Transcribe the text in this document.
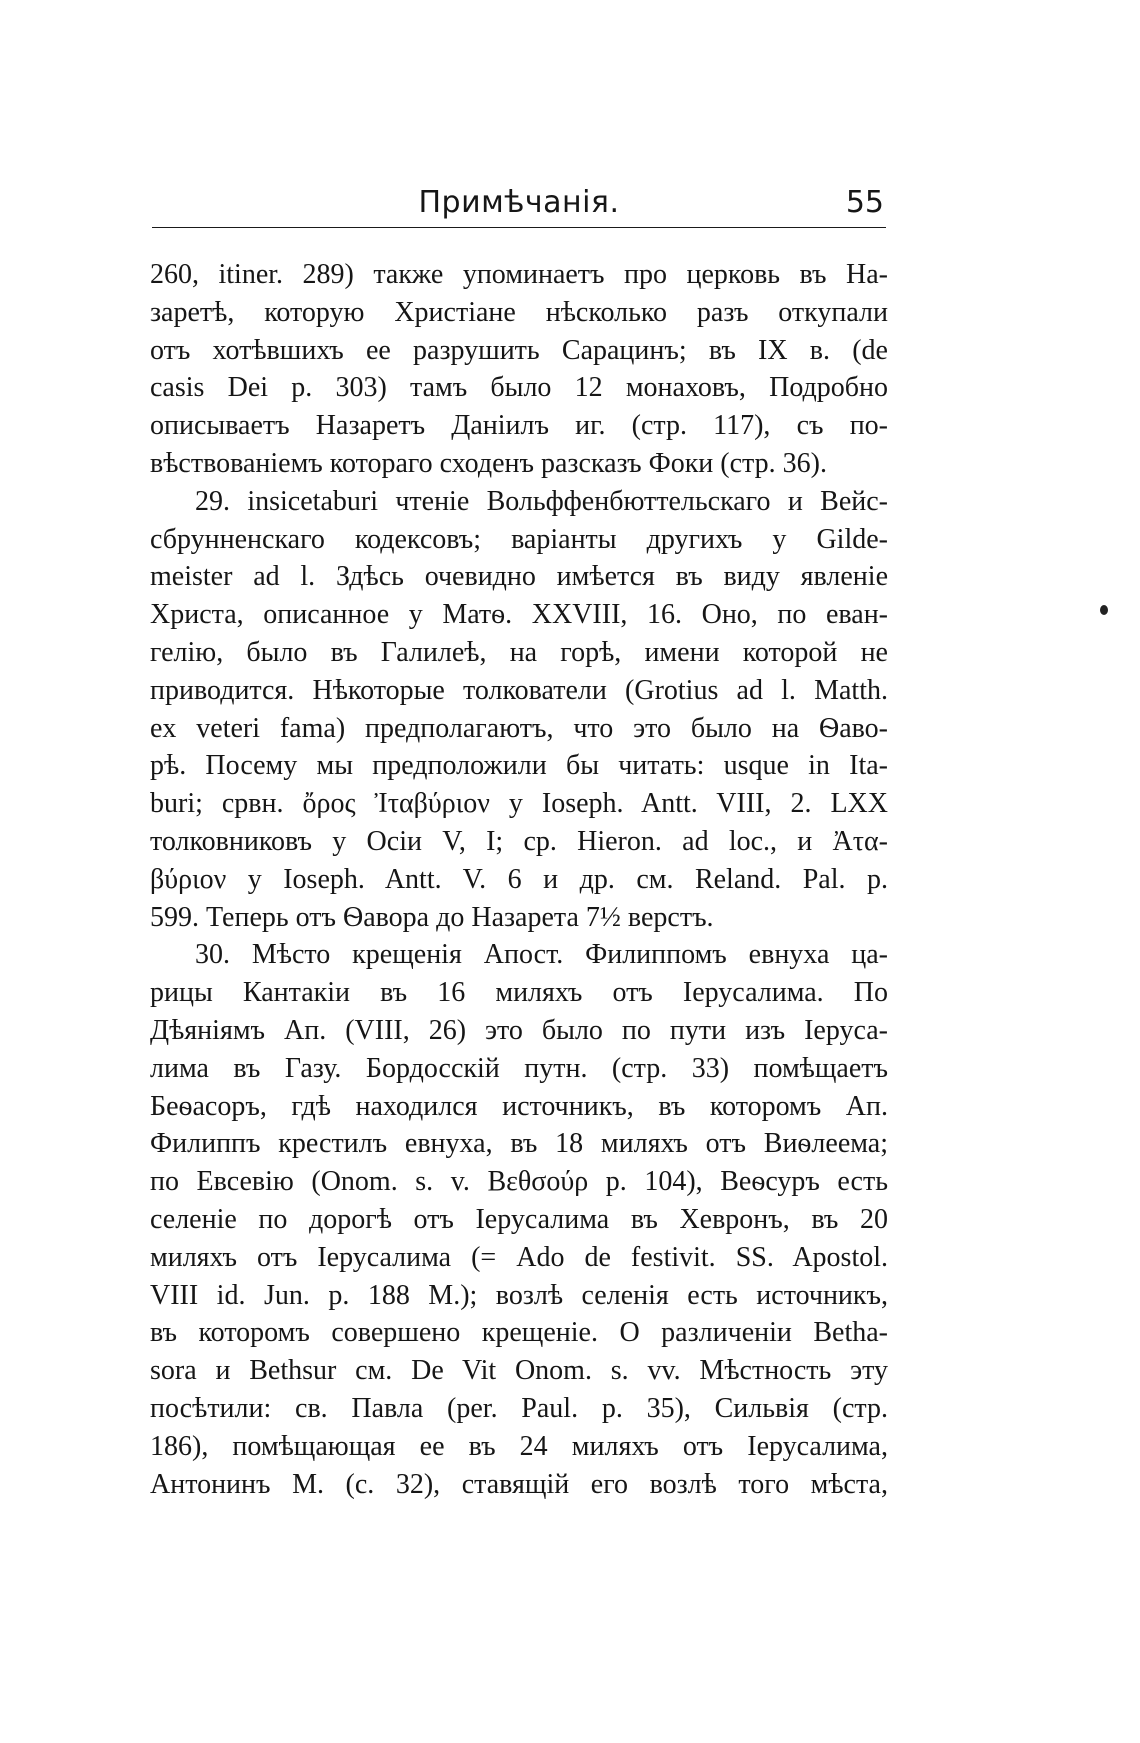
Примѣчанія.	55
260, itiner. 289) также упоминаетъ про церковь въ На-
заретѣ, которую Христіане нѣсколько разъ откупали
отъ хотѣвшихъ ее разрушить Сарацинъ; въ IX в. (de
casis Dei p. 303) тамъ было 12 монаховъ, Подробно
описываетъ Назаретъ Даніилъ иг. (стр. 117), съ по-
вѣствованіемъ котораго сходенъ разсказъ Фоки (стр. 36).
29. insicetaburi чтеніе Вольффенбюттельскаго и Вейс-
сбрунненскаго кодексовъ; варіанты другихъ у Gilde-
meister ad l. Здѣсь очевидно имѣется въ виду явленіе
Христа, описанное у Матѳ. XXVIII, 16. Оно, по еван-
гелію, было въ Галилеѣ, на горѣ, имени которой не
приводится. Нѣкоторые толкователи (Grotius ad l. Matth.
ex veteri fama) предполагаютъ, что это было на Ѳаво-
рѣ. Посему мы предположили бы читать: usque in Ita-
buri; срвн. ὄρος Ἰταβύριον у Ioseph. Antt. VIII, 2. LXX
толковниковъ у Осіи V, I; ср. Hieron. ad loc., и Ἀτα-
βύριον у Ioseph. Antt. V. 6 и др. см. Reland. Pal. p.
599. Теперь отъ Ѳавора до Назарета 7½ верстъ.
30. Мѣсто крещенія Апост. Филиппомъ евнуха ца-
рицы Кантакіи въ 16 миляхъ отъ Іерусалима. По
Дѣяніямъ Ап. (VIII, 26) это было по пути изъ Іеруса-
лима въ Газу. Бордосскій путн. (стр. 33) помѣщаетъ
Беѳасоръ, гдѣ находился источникъ, въ которомъ Ап.
Филиппъ крестилъ евнуха, въ 18 миляхъ отъ Виѳлеема;
по Евсевію (Onom. s. v. Βεθσούρ p. 104), Веѳсуръ есть
селеніе по дорогѣ отъ Іерусалима въ Хевронъ, въ 20
миляхъ отъ Іерусалима (= Ado de festivit. SS. Apostol.
VIII id. Jun. p. 188 M.); возлѣ селенія есть источникъ,
въ которомъ совершено крещеніе. О различеніи Betha-
sora и Bethsur см. De Vit Onom. s. vv. Мѣстность эту
посѣтили: св. Павла (per. Paul. p. 35), Сильвія (стр.
186), помѣщающая ее въ 24 миляхъ отъ Іерусалима,
Антонинъ М. (c. 32), ставящій его возлѣ того мѣста,
